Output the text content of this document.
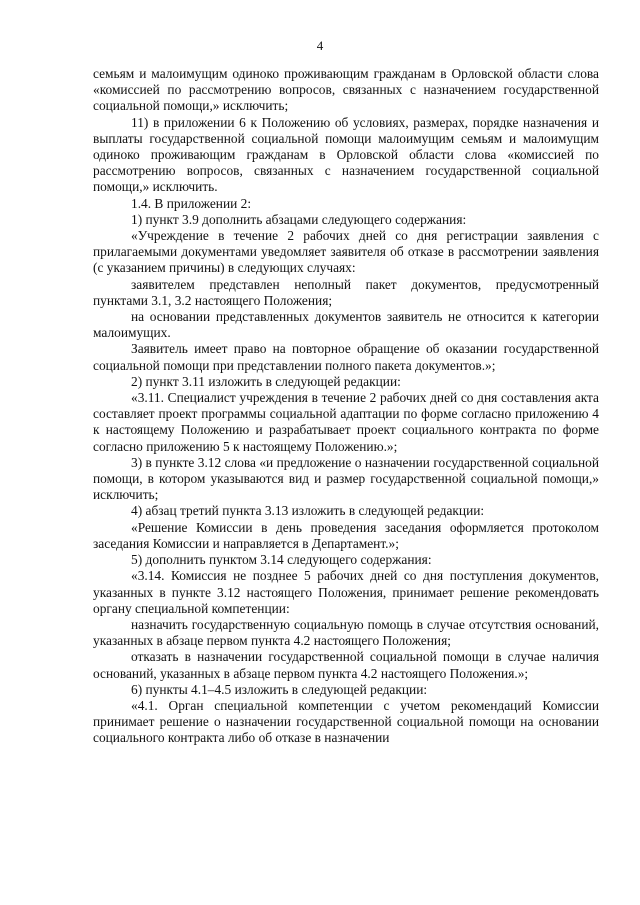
4

семьям и малоимущим одиноко проживающим гражданам в Орловской области слова «комиссией по рассмотрению вопросов, связанных с назначением государственной социальной помощи,» исключить;

11) в приложении 6 к Положению об условиях, размерах, порядке назначения и выплаты государственной социальной помощи малоимущим семьям и малоимущим одиноко проживающим гражданам в Орловской области слова «комиссией по рассмотрению вопросов, связанных с назначением государственной социальной помощи,» исключить.

1.4. В приложении 2:

1) пункт 3.9 дополнить абзацами следующего содержания:

«Учреждение в течение 2 рабочих дней со дня регистрации заявления с прилагаемыми документами уведомляет заявителя об отказе в рассмотрении заявления (с указанием причины) в следующих случаях:

заявителем представлен неполный пакет документов, предусмотренный пунктами 3.1, 3.2 настоящего Положения;

на основании представленных документов заявитель не относится к категории малоимущих.

Заявитель имеет право на повторное обращение об оказании государственной социальной помощи при представлении полного пакета документов.»;

2) пункт 3.11 изложить в следующей редакции:

«3.11. Специалист учреждения в течение 2 рабочих дней со дня составления акта составляет проект программы социальной адаптации по форме согласно приложению 4 к настоящему Положению и разрабатывает проект социального контракта по форме согласно приложению 5 к настоящему Положению.»;

3) в пункте 3.12 слова «и предложение о назначении государственной социальной помощи, в котором указываются вид и размер государственной социальной помощи,» исключить;

4) абзац третий пункта 3.13 изложить в следующей редакции:

«Решение Комиссии в день проведения заседания оформляется протоколом заседания Комиссии и направляется в Департамент.»;

5) дополнить пунктом 3.14 следующего содержания:

«3.14. Комиссия не позднее 5 рабочих дней со дня поступления документов, указанных в пункте 3.12 настоящего Положения, принимает решение рекомендовать органу специальной компетенции:

назначить государственную социальную помощь в случае отсутствия оснований, указанных в абзаце первом пункта 4.2 настоящего Положения;

отказать в назначении государственной социальной помощи в случае наличия оснований, указанных в абзаце первом пункта 4.2 настоящего Положения.»;

6) пункты 4.1–4.5 изложить в следующей редакции:

«4.1. Орган специальной компетенции с учетом рекомендаций Комиссии принимает решение о назначении государственной социальной помощи на основании социального контракта либо об отказе в назначении
